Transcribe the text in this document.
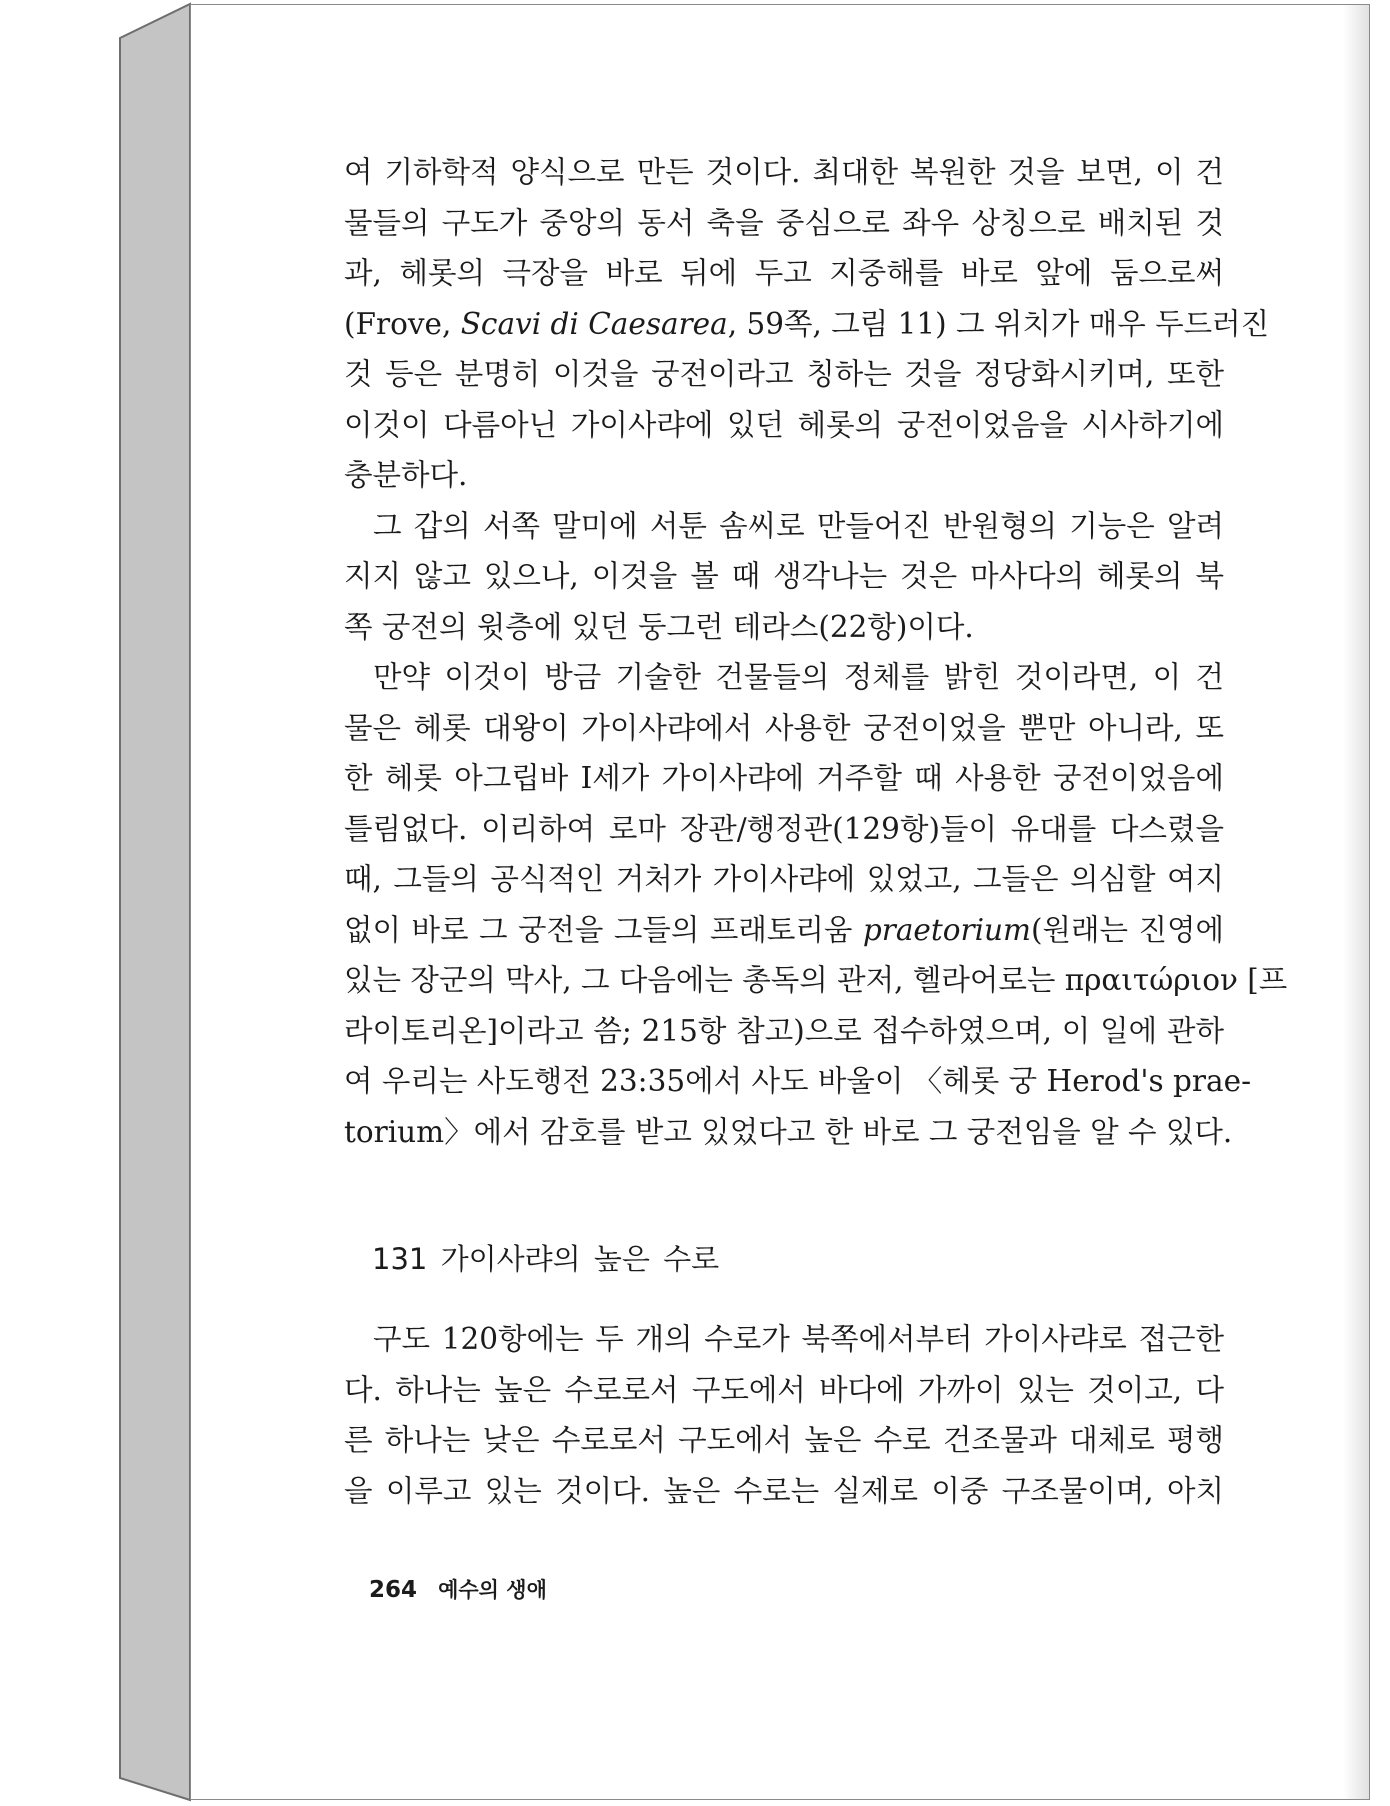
여 기하학적 양식으로 만든 것이다. 최대한 복원한 것을 보면, 이 건
물들의 구도가 중앙의 동서 축을 중심으로 좌우 상칭으로 배치된 것
과, 헤롯의 극장을 바로 뒤에 두고 지중해를 바로 앞에 둠으로써
(Frove, Scavi di Caesarea, 59쪽, 그림 11) 그 위치가 매우 두드러진
것 등은 분명히 이것을 궁전이라고 칭하는 것을 정당화시키며, 또한
이것이 다름아닌 가이사랴에 있던 헤롯의 궁전이었음을 시사하기에
충분하다.
그 갑의 서쪽 말미에 서툰 솜씨로 만들어진 반원형의 기능은 알려
지지 않고 있으나, 이것을 볼 때 생각나는 것은 마사다의 헤롯의 북
쪽 궁전의 윗층에 있던 둥그런 테라스(22항)이다.
만약 이것이 방금 기술한 건물들의 정체를 밝힌 것이라면, 이 건
물은 헤롯 대왕이 가이사랴에서 사용한 궁전이었을 뿐만 아니라, 또
한 헤롯 아그립바 I세가 가이사랴에 거주할 때 사용한 궁전이었음에
틀림없다. 이리하여 로마 장관/행정관(129항)들이 유대를 다스렸을
때, 그들의 공식적인 거처가 가이사랴에 있었고, 그들은 의심할 여지
없이 바로 그 궁전을 그들의 프래토리움 praetorium(원래는 진영에
있는 장군의 막사, 그 다음에는 총독의 관저, 헬라어로는 πραιτώριον [프
라이토리온]이라고 씀; 215항 참고)으로 접수하였으며, 이 일에 관하
여 우리는 사도행전 23:35에서 사도 바울이 〈헤롯 궁 Herod's prae-
torium〉에서 감호를 받고 있었다고 한 바로 그 궁전임을 알 수 있다.
131 가이사랴의 높은 수로
구도 120항에는 두 개의 수로가 북쪽에서부터 가이사랴로 접근한
다. 하나는 높은 수로로서 구도에서 바다에 가까이 있는 것이고, 다
른 하나는 낮은 수로로서 구도에서 높은 수로 건조물과 대체로 평행
을 이루고 있는 것이다. 높은 수로는 실제로 이중 구조물이며, 아치
264 예수의 생애
